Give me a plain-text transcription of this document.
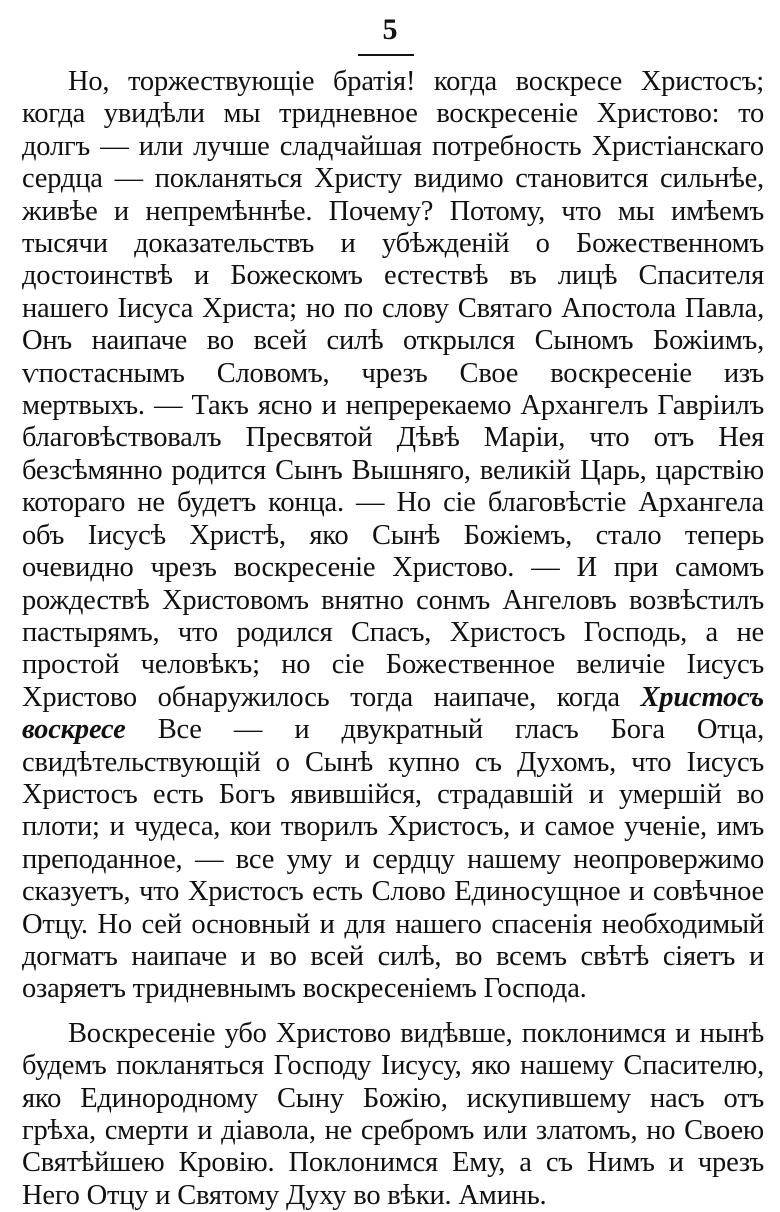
5

Но, торжествующіе братія! когда воскресе Христосъ; когда увидѣли мы тридневное воскресеніе Христово: то долгъ — или лучше сладчайшая потребность Христіанскаго сердца — покланяться Христу видимо становится сильнѣе, живѣе и непремѣннѣе. Почему? Потому, что мы имѣемъ тысячи доказательствъ и убѣжденій о Божественномъ достоинствѣ и Божескомъ естествѣ въ лицѣ Спасителя нашего Іисуса Христа; но по слову Святаго Апостола Павла, Онъ наипаче во всей силѣ открылся Сыномъ Божіимъ, ѵпостаснымъ Словомъ, чрезъ Свое воскресеніе изъ мертвыхъ. — Такъ ясно и непререкаемо Архангелъ Гавріилъ благовѣствовалъ Пресвятой Дѣвѣ Маріи, что отъ Нея безсѣмянно родится Сынъ Вышняго, великій Царь, царствію котораго не будетъ конца. — Но сіе благовѣстіе Архангела объ Іисусѣ Христѣ, яко Сынѣ Божіемъ, стало теперь очевидно чрезъ воскресеніе Христово. — И при самомъ рождествѣ Христовомъ внятно сонмъ Ангеловъ возвѣстилъ пастырямъ, что родился Спасъ, Христосъ Господь, а не простой человѣкъ; но сіе Божественное величіе Іисусъ Христово обнаружилось тогда наипаче, когда Христосъ воскресе Все — и двукратный гласъ Бога Отца, свидѣтельствующій о Сынѣ купно съ Духомъ, что Іисусъ Христосъ есть Богъ явившійся, страдавшій и умершій во плоти; и чудеса, кои творилъ Христосъ, и самое ученіе, имъ преподанное, — все уму и сердцу нашему неопровержимо сказуетъ, что Христосъ есть Слово Единосущное и совѣчное Отцу. Но сей основный и для нашего спасенія необходимый догматъ наипаче и во всей силѣ, во всемъ свѣтѣ сіяетъ и озаряетъ тридневнымъ воскресеніемъ Господа.

Воскресеніе убо Христово видѣвше, поклонимся и нынѣ будемъ покланяться Господу Іисусу, яко нашему Спасителю, яко Единородному Сыну Божію, искупившему насъ отъ грѣха, смерти и діавола, не сребромъ или златомъ, но Своею Святѣйшею Кровію. Поклонимся Ему, а съ Нимъ и чрезъ Него Отцу и Святому Духу во вѣки. Аминь.
